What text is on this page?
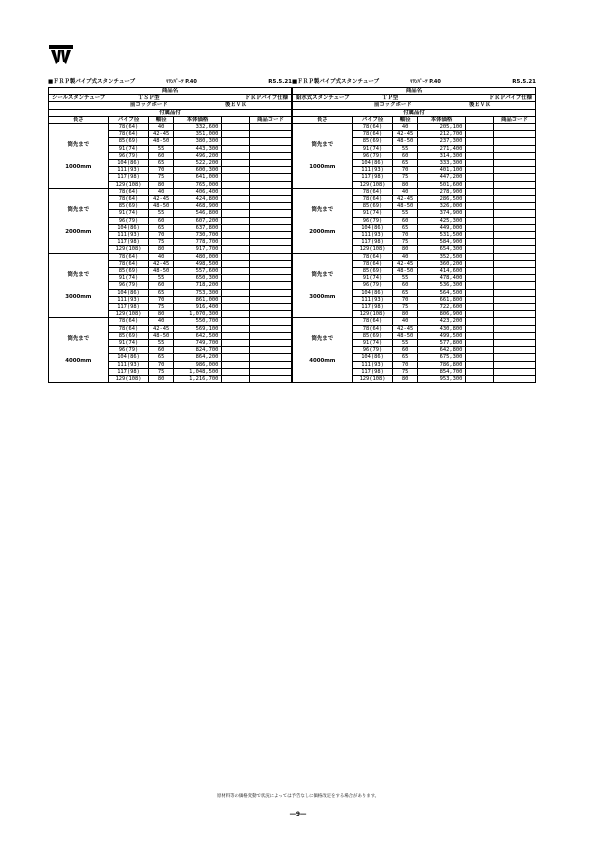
■ＦＲＰ製パイプ式スタンチューブ	ﾏﾘﾝﾊﾟｰﾂ P.40	R5.5.21
商品名					

シールスタンチューブ ＴＳＰ型 ＦＲＰパイプ仕様					

前コックボード 後ＥＶＲ					

付属品付					
長さ	パイプ径	軸径	本体価格		商品コード

筒先まで
1000mm	78(64)	40	332,600		
	78(64)	42-45	351,000		
	85(69)	48-50	380,300		
	91(74)	55	443,300		
	96(79)	60	496,200		
	104(86)	65	522,200		
	111(93)	70	600,300		
	117(98)	75	641,000		
	129(108)	80	765,000		

筒先まで
2000mm	78(64)	40	406,400		
	78(64)	42-45	424,800		
	85(69)	48-50	468,900		
	91(74)	55	546,800		
	96(79)	60	607,200		
	104(86)	65	637,800		
	111(93)	70	730,700		
	117(98)	75	778,700		
	129(108)	80	917,700		

筒先まで
3000mm	78(64)	40	480,000		
	78(64)	42-45	498,500		
	85(69)	48-50	557,600		
	91(74)	55	650,300		
	96(79)	60	718,200		
	104(86)	65	753,300		
	111(93)	70	861,000		
	117(98)	75	916,400		
	129(108)	80	1,070,300		

筒先まで
4000mm	78(64)	40	550,700		
	78(64)	42-45	569,100		
	85(69)	48-50	642,500		
	91(74)	55	749,700		
	96(79)	60	824,700		
	104(86)	65	864,200		
	111(93)	70	986,000		
	117(98)	75	1,048,500		
	129(108)	80	1,216,700		
■ＦＲＰ製パイプ式スタンチューブ	ﾏﾘﾝﾊﾟｰﾂ P.40	R5.5.21
商品名					

給水式スタンチューブ ＴＰ型 ＦＲＰパイプ仕様					

前コックボード 後ＥＶＲ					

付属品付					
長さ	パイプ径	軸径	本体価格		商品コード

筒先まで
1000mm	78(64)	40	205,100		
	78(64)	42-45	212,700		
	85(69)	48-50	237,300		
	91(74)	55	271,400		
	96(79)	60	314,300		
	104(86)	65	333,300		
	111(93)	70	401,100		
	117(98)	75	447,200		
	129(108)	80	501,600		

筒先まで
2000mm	78(64)	40	278,900		
	78(64)	42-45	286,500		
	85(69)	48-50	326,000		
	91(74)	55	374,900		
	96(79)	60	425,300		
	104(86)	65	449,000		
	111(93)	70	531,500		
	117(98)	75	584,900		
	129(108)	80	654,300		

筒先まで
3000mm	78(64)	40	352,500		
	78(64)	42-45	360,200		
	85(69)	48-50	414,600		
	91(74)	55	478,400		
	96(79)	60	536,300		
	104(86)	65	564,500		
	111(93)	70	661,800		
	117(98)	75	722,600		
	129(108)	80	806,900		

筒先まで
4000mm	78(64)	40	423,200		
	78(64)	42-45	430,800		
	85(69)	48-50	499,500		
	91(74)	55	577,800		
	96(79)	60	642,800		
	104(86)	65	675,300		
	111(93)	70	786,800		
	117(98)	75	854,700		
	129(108)	80	953,300		
原材料等の価格変動で状況によっては予告なしに価格改定をする場合があります。
―9―
